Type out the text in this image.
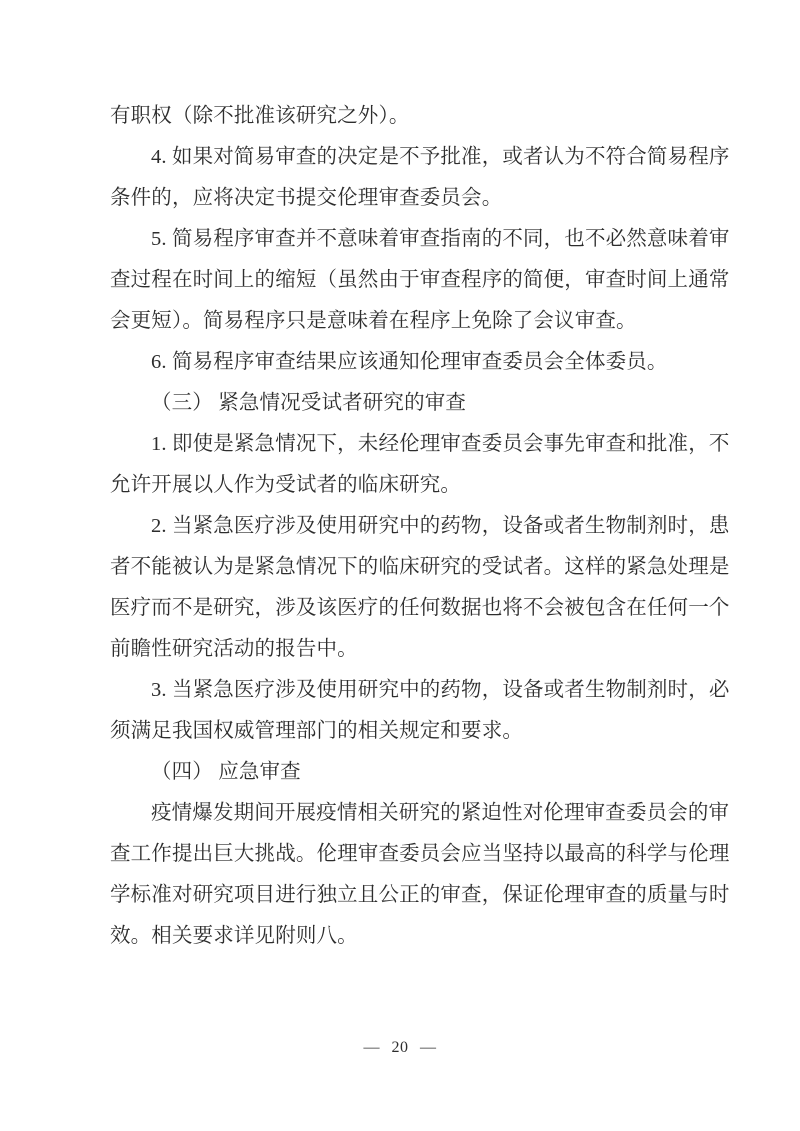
有职权（除不批准该研究之外）。
4. 如果对简易审查的决定是不予批准，或者认为不符合简易程序
条件的，应将决定书提交伦理审查委员会。
5. 简易程序审查并不意味着审查指南的不同，也不必然意味着审
查过程在时间上的缩短（虽然由于审查程序的简便，审查时间上通常
会更短）。简易程序只是意味着在程序上免除了会议审查。
6. 简易程序审查结果应该通知伦理审查委员会全体委员。
（三） 紧急情况受试者研究的审查
1. 即使是紧急情况下，未经伦理审查委员会事先审查和批准，不
允许开展以人作为受试者的临床研究。
2. 当紧急医疗涉及使用研究中的药物，设备或者生物制剂时，患
者不能被认为是紧急情况下的临床研究的受试者。这样的紧急处理是
医疗而不是研究，涉及该医疗的任何数据也将不会被包含在任何一个
前瞻性研究活动的报告中。
3. 当紧急医疗涉及使用研究中的药物，设备或者生物制剂时，必
须满足我国权威管理部门的相关规定和要求。
（四） 应急审查
疫情爆发期间开展疫情相关研究的紧迫性对伦理审查委员会的审
查工作提出巨大挑战。伦理审查委员会应当坚持以最高的科学与伦理
学标准对研究项目进行独立且公正的审查，保证伦理审查的质量与时
效。相关要求详见附则八。
— 20 —
